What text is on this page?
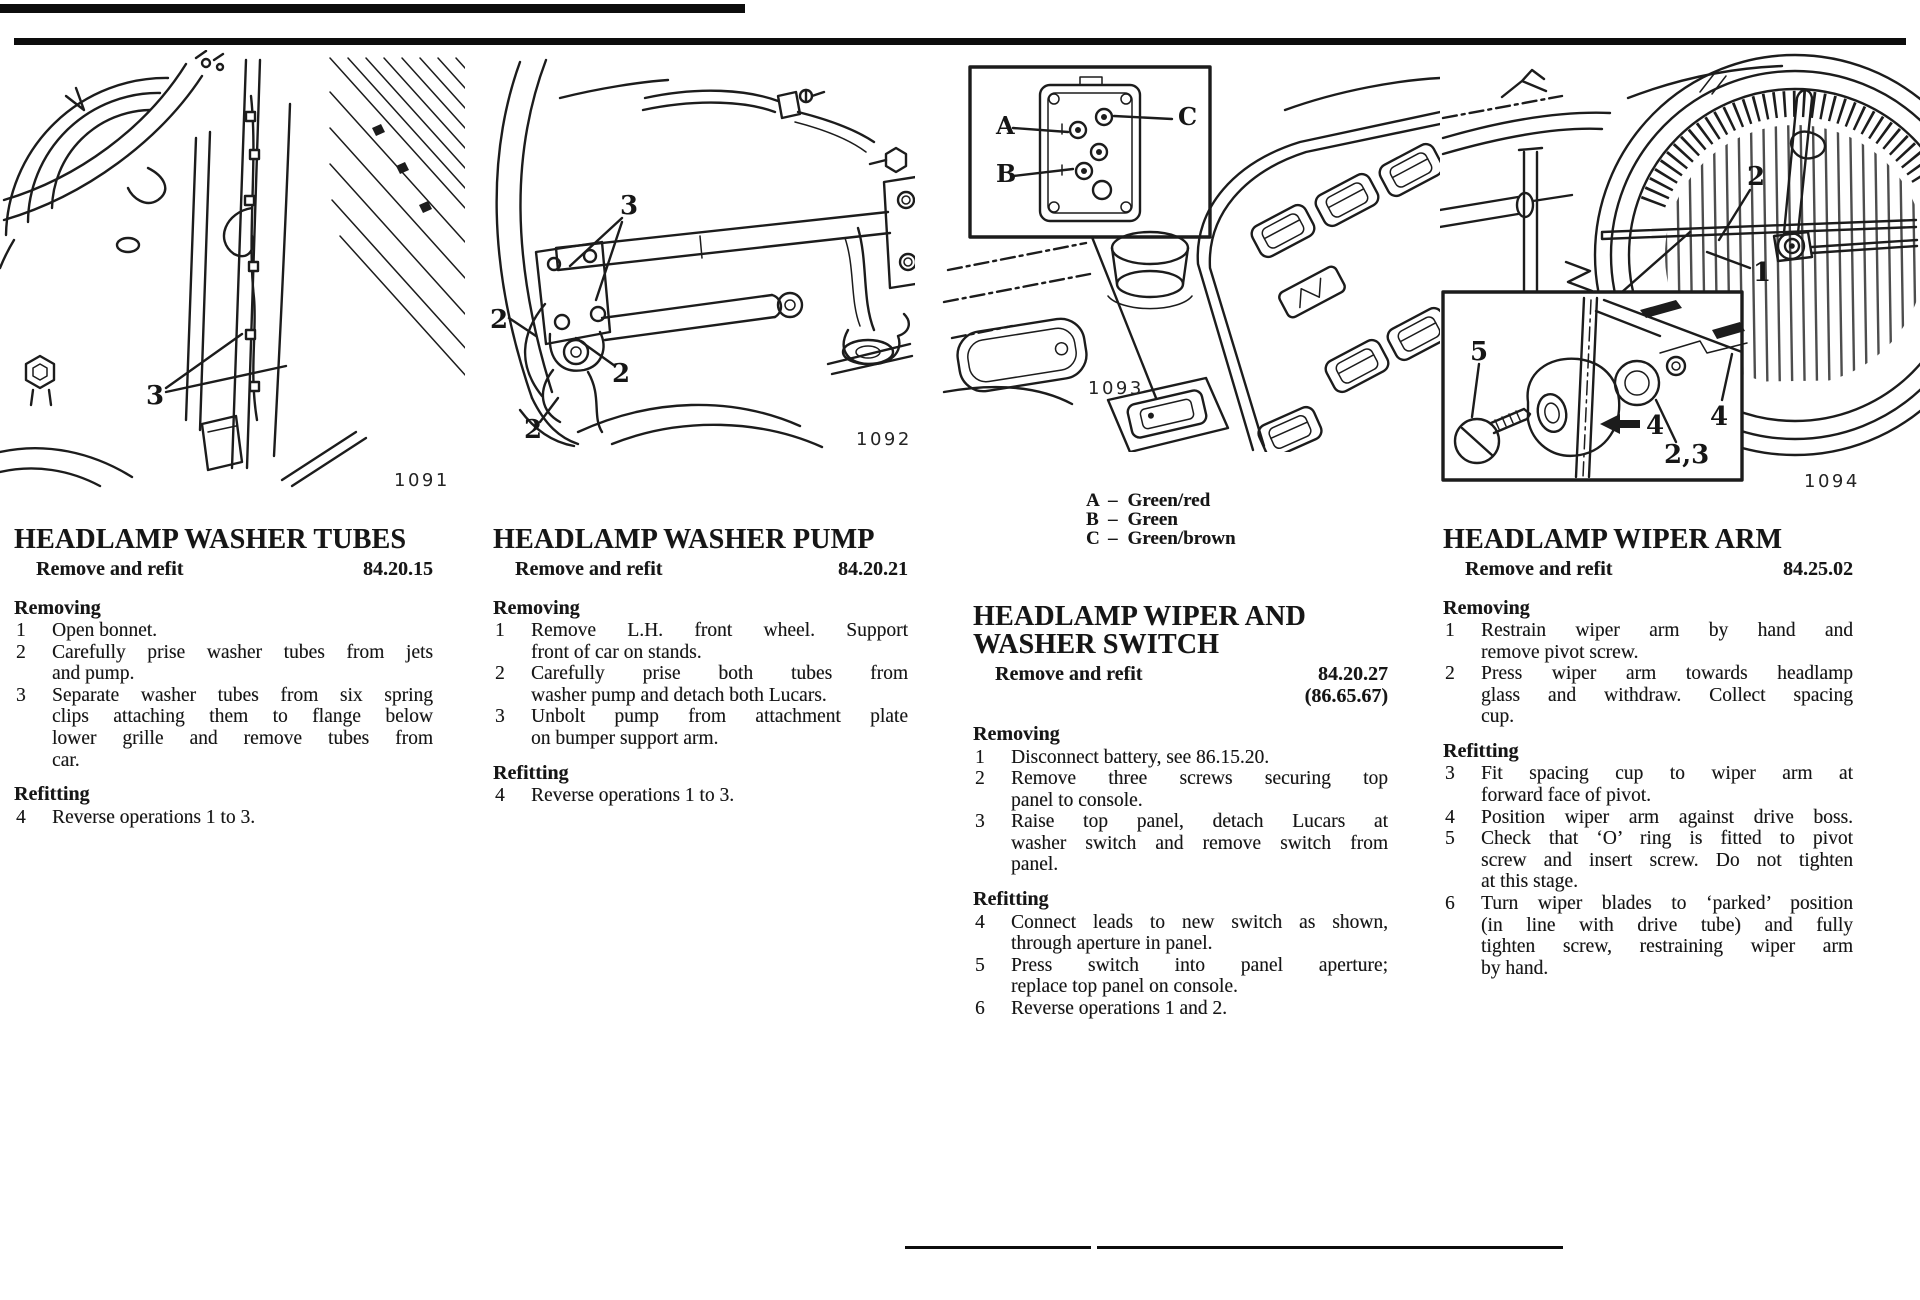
3
1091
3
2
2
2	1092
A
B
C
1093
2
1
5
4 4
2,3
1094
A – Green/red
B – Green
C – Green/brown
HEADLAMP WASHER TUBES
Remove and refit	84.20.15
Removing
1 Open bonnet.
2 Carefully prise washer tubes from jets
and pump.
3 Separate washer tubes from six spring
clips attaching them to flange below
lower grille and remove tubes from
car.
Refitting
4 Reverse operations 1 to 3.
HEADLAMP WASHER PUMP
Remove and refit	84.20.21
Removing
1 Remove L.H. front wheel. Support
front of car on stands.
2 Carefully prise both tubes from
washer pump and detach both Lucars.
3 Unbolt pump from attachment plate
on bumper support arm.
Refitting
4 Reverse operations 1 to 3.
HEADLAMP WIPER AND WASHER SWITCH
Remove and refit	84.20.27
(86.65.67)
Removing
1 Disconnect battery, see 86.15.20.
2 Remove three screws securing top
panel to console.
3 Raise top panel, detach Lucars at
washer switch and remove switch from
panel.
Refitting
4 Connect leads to new switch as shown,
through aperture in panel.
5 Press switch into panel aperture;
replace top panel on console.
6 Reverse operations 1 and 2.
HEADLAMP WIPER ARM
Remove and refit	84.25.02
Removing
1 Restrain wiper arm by hand and
remove pivot screw.
2 Press wiper arm towards headlamp
glass and withdraw. Collect spacing
cup.
Refitting
3 Fit spacing cup to wiper arm at
forward face of pivot.
4 Position wiper arm against drive boss.
5 Check that ‘O’ ring is fitted to pivot
screw and insert screw. Do not tighten
at this stage.
6 Turn wiper blades to ‘parked’ position
(in line with drive tube) and fully
tighten screw, restraining wiper arm
by hand.
